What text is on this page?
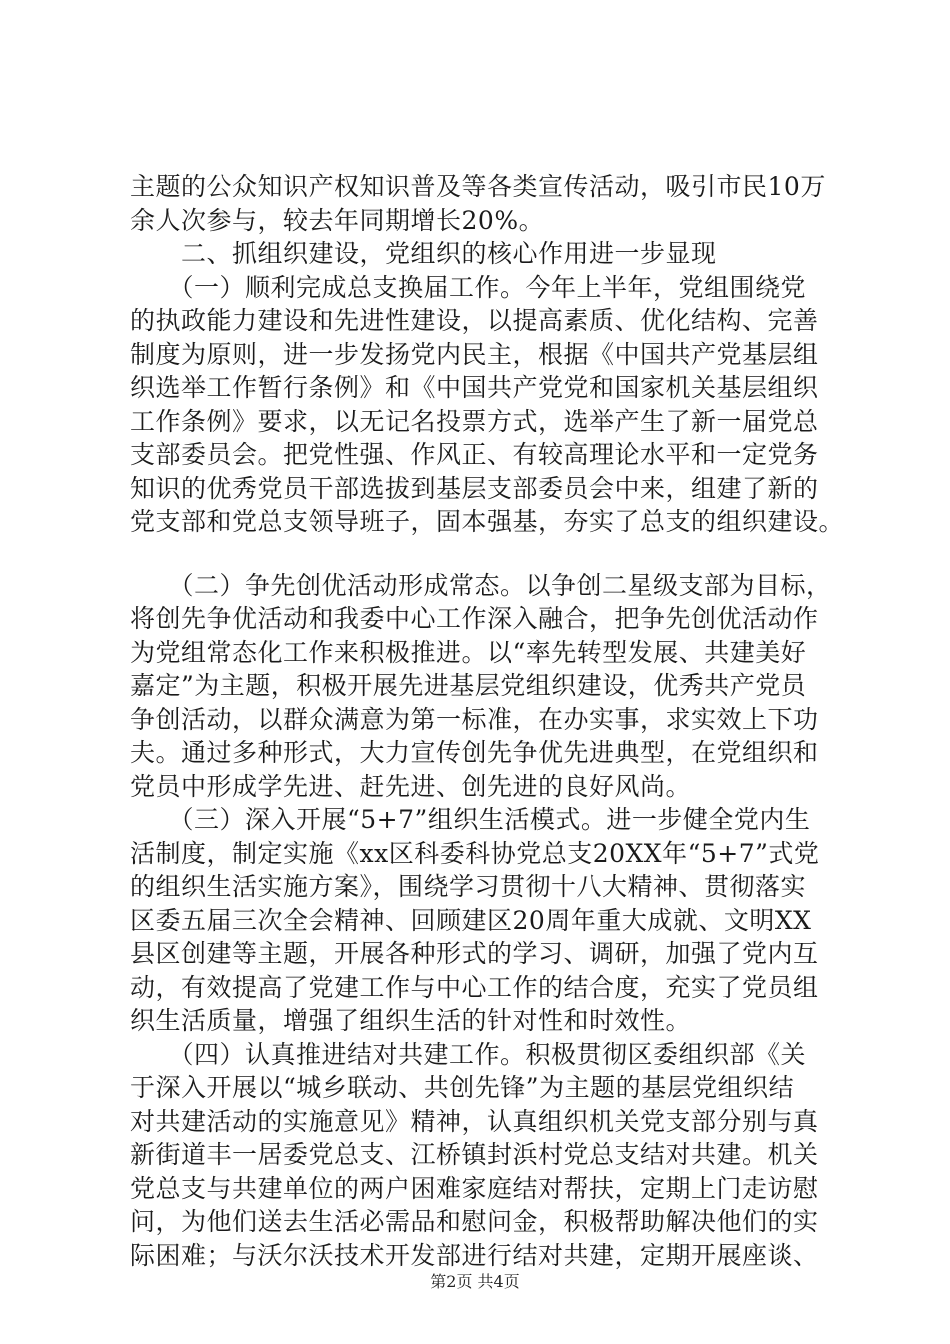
主题的公众知识产权知识普及等各类宣传活动，吸引市民10万
余人次参与，较去年同期增长20%。
　　二、抓组织建设，党组织的核心作用进一步显现
　　（一）顺利完成总支换届工作。今年上半年，党组围绕党
的执政能力建设和先进性建设，以提高素质、优化结构、完善
制度为原则，进一步发扬党内民主，根据《中国共产党基层组
织选举工作暂行条例》和《中国共产党党和国家机关基层组织
工作条例》要求，以无记名投票方式，选举产生了新一届党总
支部委员会。把党性强、作风正、有较高理论水平和一定党务
知识的优秀党员干部选拔到基层支部委员会中来，组建了新的
党支部和党总支领导班子，固本强基，夯实了总支的组织建设。
　　（二）争先创优活动形成常态。以争创二星级支部为目标，
将创先争优活动和我委中心工作深入融合，把争先创优活动作
为党组常态化工作来积极推进。以“率先转型发展、共建美好
嘉定”为主题，积极开展先进基层党组织建设，优秀共产党员
争创活动，以群众满意为第一标准，在办实事，求实效上下功
夫。通过多种形式，大力宣传创先争优先进典型，在党组织和
党员中形成学先进、赶先进、创先进的良好风尚。
　　（三）深入开展“5+7”组织生活模式。进一步健全党内生
活制度，制定实施《xx区科委科协党总支20XX年“5+7”式党
的组织生活实施方案》，围绕学习贯彻十八大精神、贯彻落实
区委五届三次全会精神、回顾建区20周年重大成就、文明XX
县区创建等主题，开展各种形式的学习、调研，加强了党内互
动，有效提高了党建工作与中心工作的结合度，充实了党员组
织生活质量，增强了组织生活的针对性和时效性。
　　（四）认真推进结对共建工作。积极贯彻区委组织部《关
于深入开展以“城乡联动、共创先锋”为主题的基层党组织结
对共建活动的实施意见》精神，认真组织机关党支部分别与真
新街道丰一居委党总支、江桥镇封浜村党总支结对共建。机关
党总支与共建单位的两户困难家庭结对帮扶，定期上门走访慰
问，为他们送去生活必需品和慰问金，积极帮助解决他们的实
际困难；与沃尔沃技术开发部进行结对共建，定期开展座谈、
第2页 共4页
